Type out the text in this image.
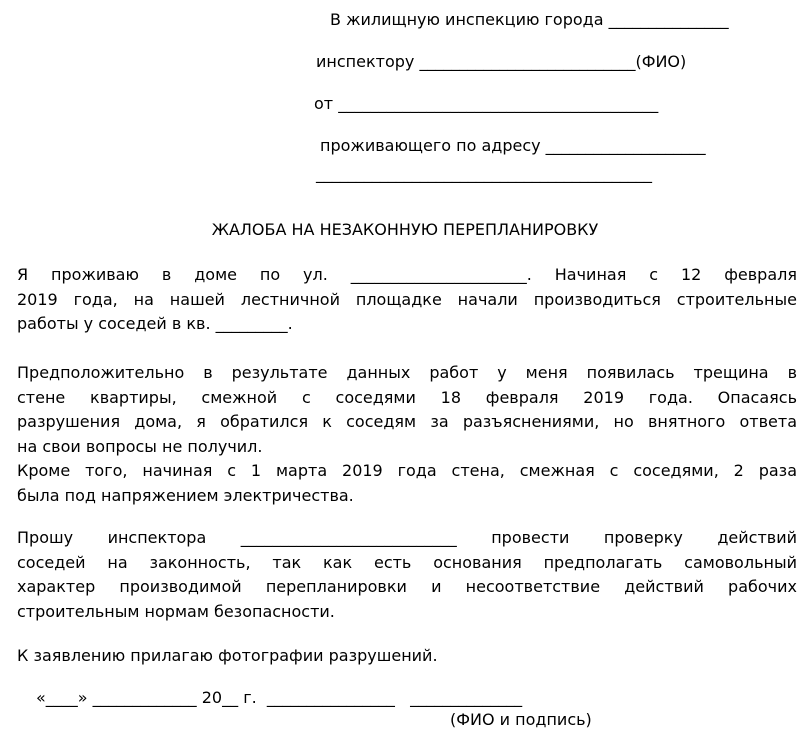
В жилищную инспекцию города _______________
инспектору ___________________________(ФИО)
от ________________________________________
проживающего по адресу ____________________
__________________________________________
ЖАЛОБА НА НЕЗАКОННУЮ ПЕРЕПЛАНИРОВКУ
Я проживаю в доме по ул. ______________________. Начиная с 12 февраля
2019 года, на нашей лестничной площадке начали производиться строительные
работы у соседей в кв. _________.
Предположительно в результате данных работ у меня появилась трещина в
стене квартиры, смежной с соседями 18 февраля 2019 года. Опасаясь
разрушения дома, я обратился к соседям за разъяснениями, но внятного ответа
на свои вопросы не получил.
Кроме того, начиная с 1 марта 2019 года стена, смежная с соседями, 2 раза
была под напряжением электричества.
Прошу инспектора ___________________________ провести проверку действий
соседей на законность, так как есть основания предполагать самовольный
характер производимой перепланировки и несоответствие действий рабочих
строительным нормам безопасности.
К заявлению прилагаю фотографии разрушений.
«____» _____________ 20__ г.  ________________   ______________
(ФИО и подпись)
